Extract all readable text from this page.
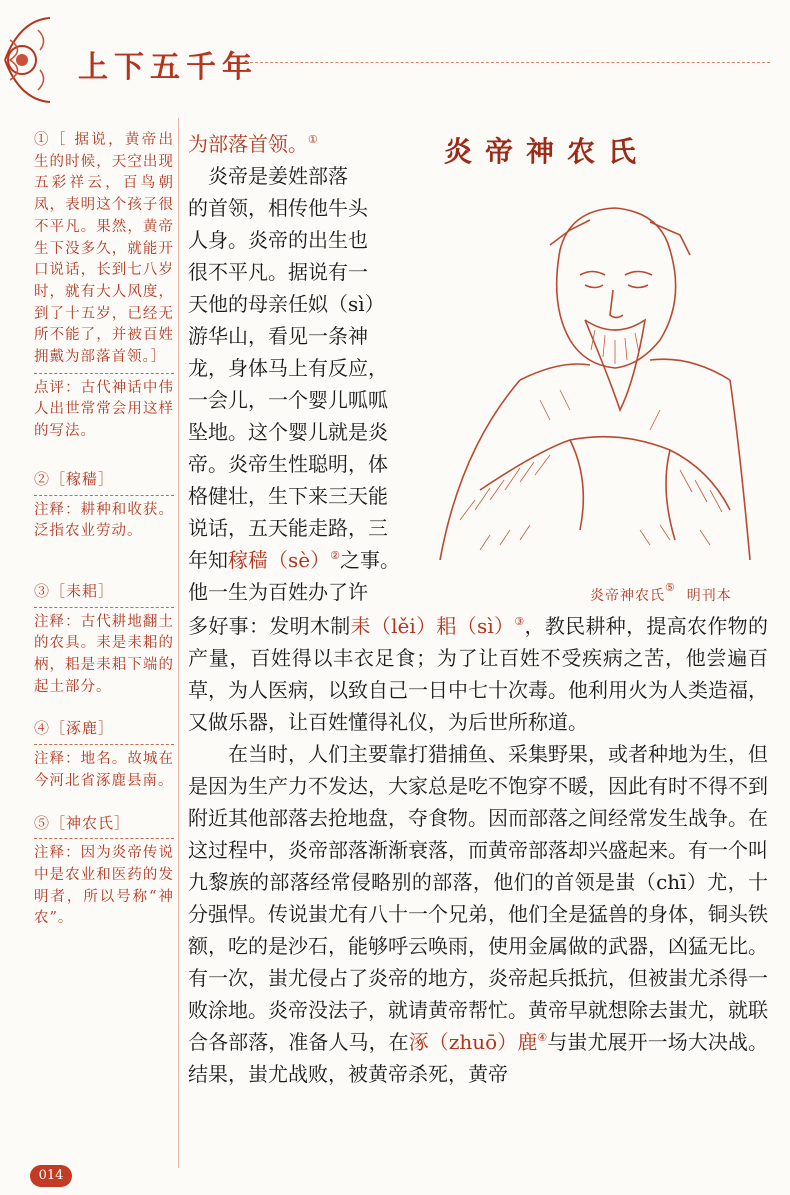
上下五千年
①［ 据说，黄帝出生的时候，天空出现五彩祥云，百鸟朝凤，表明这个孩子很不平凡。果然，黄帝生下没多久，就能开口说话，长到七八岁时，就有大人风度，到了十五岁，已经无所不能了，并被百姓拥戴为部落首领。］
点评：古代神话中伟人出世常常会用这样的写法。
②［稼穑］
注释：耕种和收获。泛指农业劳动。
③［耒耜］
注释：古代耕地翻土的农具。耒是耒耜的柄，耜是耒耜下端的起土部分。
④［涿鹿］
注释：地名。故城在今河北省涿鹿县南。
⑤［神农氏］
注释：因为炎帝传说中是农业和医药的发明者，所以号称“神农”。

为部落首领。①

　炎帝是姜姓部落

的首领，相传他牛头

人身。炎帝的出生也

很不平凡。据说有一

天他的母亲任姒（sì）

游华山，看见一条神

龙，身体马上有反应，

一会儿，一个婴儿呱呱

坠地。这个婴儿就是炎

帝。炎帝生性聪明，体

格健壮，生下来三天能

说话，五天能走路，三

年知稼穑（sè）②之事。

他一生为百姓办了许

炎帝神农氏
炎帝神农氏⑤  明刊本
多好事：发明木制耒（lěi）耜（sì）③，教民耕种，提高农作物的产量，百姓得以丰衣足食；为了让百姓不受疾病之苦，他尝遍百草，为人医病，以致自己一日中七十次毒。他利用火为人类造福，又做乐器，让百姓懂得礼仪，为后世所称道。
在当时，人们主要靠打猎捕鱼、采集野果，或者种地为生，但是因为生产力不发达，大家总是吃不饱穿不暖，因此有时不得不到附近其他部落去抢地盘，夺食物。因而部落之间经常发生战争。在这过程中，炎帝部落渐渐衰落，而黄帝部落却兴盛起来。有一个叫九黎族的部落经常侵略别的部落，他们的首领是蚩（chī）尤，十分强悍。传说蚩尤有八十一个兄弟，他们全是猛兽的身体，铜头铁额，吃的是沙石，能够呼云唤雨，使用金属做的武器，凶猛无比。有一次，蚩尤侵占了炎帝的地方，炎帝起兵抵抗，但被蚩尤杀得一败涂地。炎帝没法子，就请黄帝帮忙。黄帝早就想除去蚩尤，就联合各部落，准备人马，在涿（zhuō）鹿④与蚩尤展开一场大决战。结果，蚩尤战败，被黄帝杀死，黄帝
014
